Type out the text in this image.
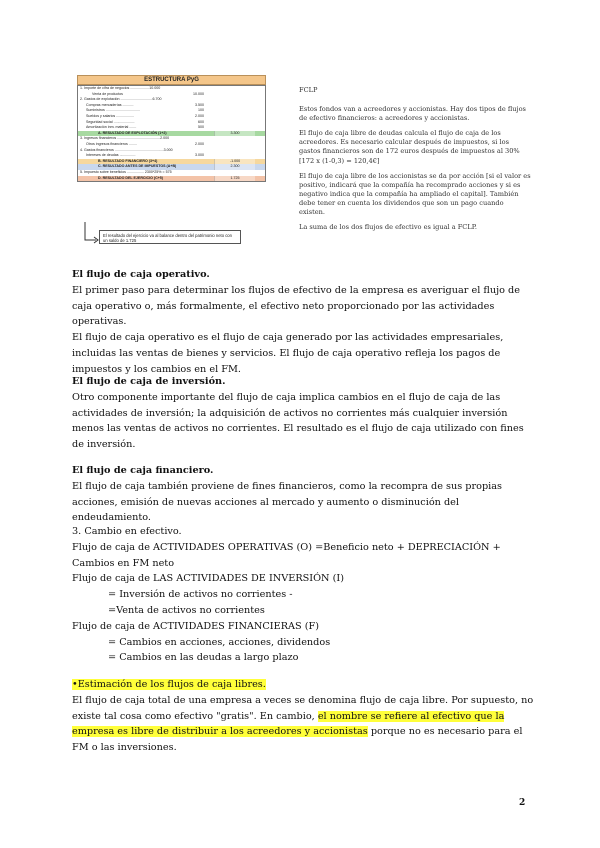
ESTRUCTURA PyG
1. Importe de cifra de negocios ...................10.000
Venta de productos	10.000
2. Gastos de explotación ................................6.700
Compras mercaderías ...........	3.500
Suministros ..................................	100
Sueldos y salarios ..................	2.000
Seguridad social .....................	600
Amortización inm. material .......	500
A. RESULTADO DE EXPLOTACIÓN (1+2)	3.300
3. Ingresos financieros ...........................................2.000
Otros ingresos financieros ........	2.000
4. Gastos financieros .................................................3.000
Intereses de deudas ................	3.000
B. RESULTADO FINANCIERO (3+4)	-1.000
C. RESULTADO ANTES DE IMPUESTOS (A+B)	2.300
5. Impuesto sobre beneficios ................. 2300*25% = 575
D. RESULTADO DEL EJERCICIO (C+5)	1.725
El resultado del ejercicio va al balance dentro del patrimonio neto con un saldo de 1.725

FCLP

Estos fondos van a acreedores y accionistas. Hay dos tipos de flujos de efectivo financieros: a acreedores y accionistas.

El flujo de caja libre de deudas calcula el flujo de caja de los acreedores. Es necesario calcular después de impuestos, si los gastos financieros son de 172 euros después de impuestos al 30% [172 x (1-0,3) = 120,4€]

El flujo de caja libre de los accionistas se da por acción [si el valor es positivo, indicará que la compañía ha recomprado acciones y si es negativo indica que la compañía ha ampliado el capital]. También debe tener en cuenta los dividendos que son un pago cuando existen.

La suma de los dos flujos de efectivo es igual a FCLP.

El flujo de caja operativo.

El primer paso para determinar los flujos de efectivo de la empresa es averiguar el flujo de caja operativo o, más formalmente, el efectivo neto proporcionado por las actividades operativas.

El flujo de caja operativo es el flujo de caja generado por las actividades empresariales, incluidas las ventas de bienes y servicios. El flujo de caja operativo refleja los pagos de impuestos y los cambios en el FM.

El flujo de caja de inversión.

Otro componente importante del flujo de caja implica cambios en el flujo de caja de las actividades de inversión; la adquisición de activos no corrientes más cualquier inversión menos las ventas de activos no corrientes. El resultado es el flujo de caja utilizado con fines de inversión.

El flujo de caja financiero.

El flujo de caja también proviene de fines financieros, como la recompra de sus propias acciones, emisión de nuevas acciones al mercado y aumento o disminución del endeudamiento.

3. Cambio en efectivo.

Flujo de caja de ACTIVIDADES OPERATIVAS (O) =Beneficio neto + DEPRECIACIÓN + Cambios en FM neto

Flujo de caja de LAS ACTIVIDADES DE INVERSIÓN (I)

= Inversión de activos no corrientes -

=Venta de activos no corrientes

Flujo de caja de ACTIVIDADES FINANCIERAS (F)

= Cambios en acciones, acciones, dividendos

= Cambios en las deudas a largo plazo

•Estimación de los flujos de caja libres.

El flujo de caja total de una empresa a veces se denomina flujo de caja libre. Por supuesto, no existe tal cosa como efectivo "gratis". En cambio, el nombre se refiere al efectivo que la empresa es libre de distribuir a los acreedores y accionistas porque no es necesario para el FM o las inversiones.

2
